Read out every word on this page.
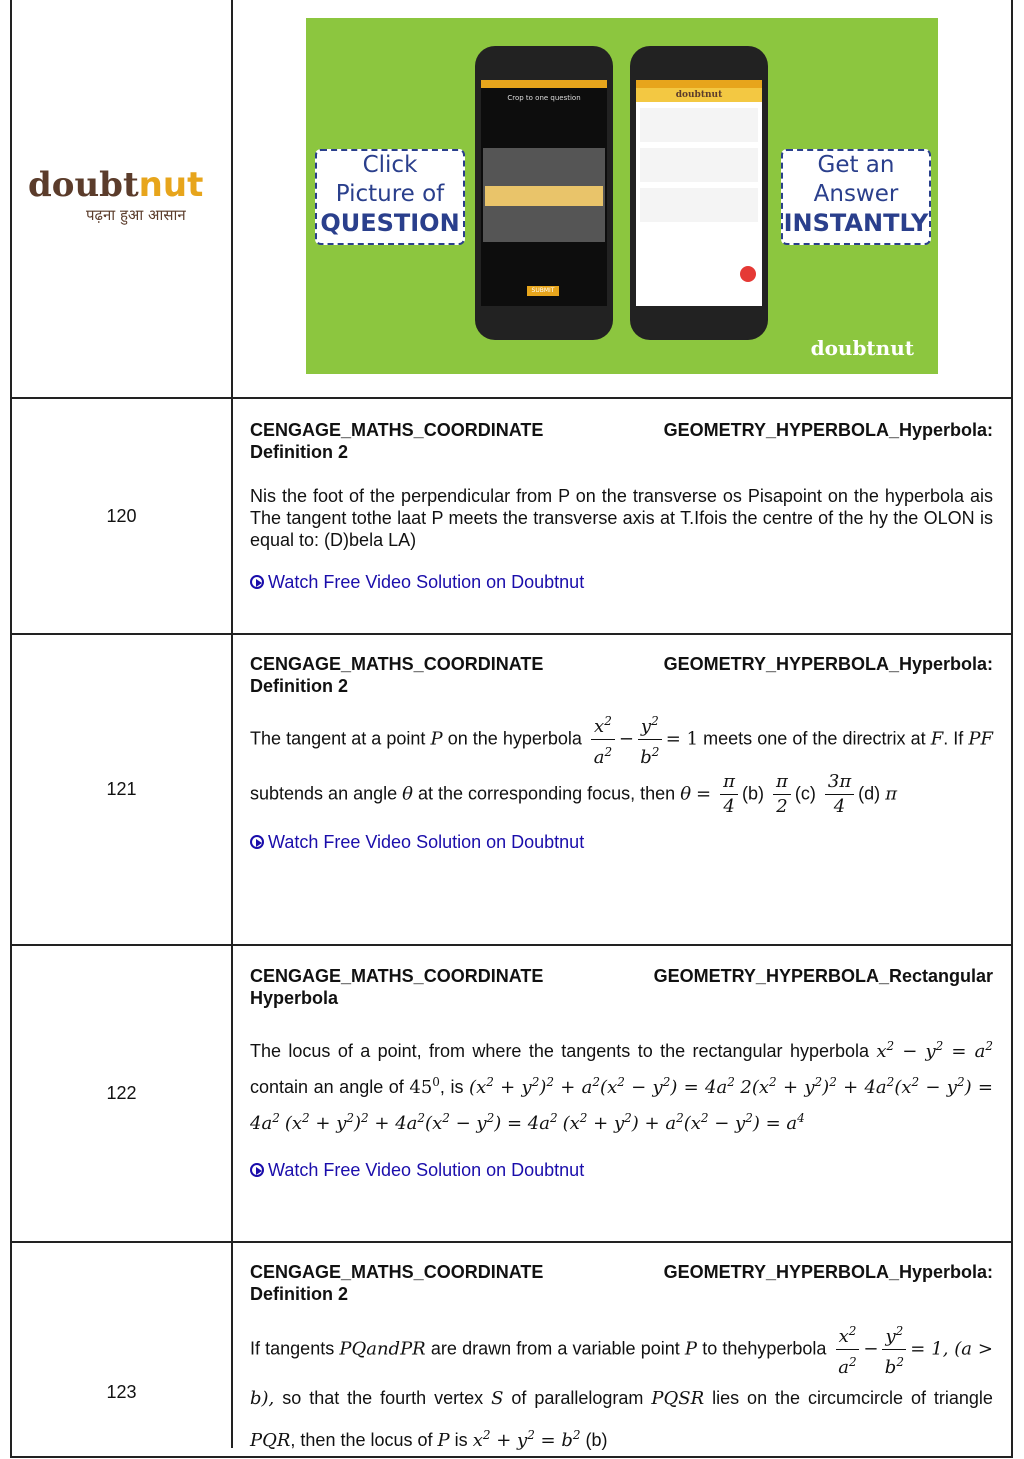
doubtnut
पढ़ना हुआ आसान
Click
Picture of
QUESTION
Get an
Answer
INSTANTLY
Crop to one question
SUBMIT
doubtnut
doubtnut
120
CENGAGE_MATHS_COORDINATE	GEOMETRY_HYPERBOLA_Hyperbola:
Definition 2
Nis the foot of the perpendicular from P on the transverse os Pisapoint on the hyperbola ais The tangent tothe laat P meets the transverse axis at T.Ifois the centre of the hy the OLON is equal to: (D)bela LA)
Watch Free Video Solution on Doubtnut
121
CENGAGE_MATHS_COORDINATE	GEOMETRY_HYPERBOLA_Hyperbola:
Definition 2
The tangent at a point P on the hyperbola $\frac{x^2}{a^2} - \frac{y^2}{b^2} = 1$ meets one of the directrix at F. If PF subtends an angle θ at the corresponding focus, then $\theta = \frac{\pi}{4} (b) \frac{\pi}{2} (c) \frac{3\pi}{4} (d)$ π
Watch Free Video Solution on Doubtnut
122
CENGAGE_MATHS_COORDINATE	GEOMETRY_HYPERBOLA_Rectangular
Hyperbola
The locus of a point, from where the tangents to the rectangular hyperbola $x^2 - y^2 = a^2$ contain an angle of $45^0$, is $(x^2 + y^2)^2 + a^2(x^2 - y^2) = 4a^2$ $2(x^2 + y^2)^2 + 4a^2(x^2 - y^2) = 4a^2$ $(x^2 + y^2)^2 + 4a^2(x^2 - y^2) = 4a^2$ $(x^2 + y^2) + a^2(x^2 - y^2) = a^4$
Watch Free Video Solution on Doubtnut
123
CENGAGE_MATHS_COORDINATE	GEOMETRY_HYPERBOLA_Hyperbola:
Definition 2
If tangents PQandPR are drawn from a variable point P to thehyperbola $\frac{x^2}{a^2} - \frac{y^2}{b^2} = 1$, (a > b), so that the fourth vertex S of parallelogram PQSR lies on the circumcircle of triangle PQR, then the locus of P is $x^2 + y^2 = b^2$ (b)
